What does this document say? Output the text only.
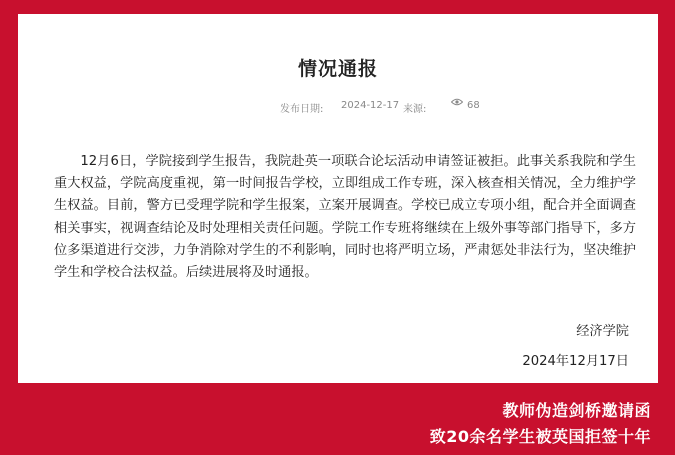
情况通报
发布日期: 2024-12-17 来源:	68
12月6日，学院接到学生报告，我院赴英一项联合论坛活动申请签证被拒。此事关系我院和学生重大权益，学院高度重视，第一时间报告学校，立即组成工作专班，深入核查相关情况，全力维护学生权益。目前，警方已受理学院和学生报案，立案开展调查。学校已成立专项小组，配合并全面调查相关事实，视调查结论及时处理相关责任问题。学院工作专班将继续在上级外事等部门指导下，多方位多渠道进行交涉，力争消除对学生的不利影响，同时也将严明立场，严肃惩处非法行为，坚决维护学生和学校合法权益。后续进展将及时通报。
经济学院
2024年12月17日
教师伪造剑桥邀请函
致20余名学生被英国拒签十年
